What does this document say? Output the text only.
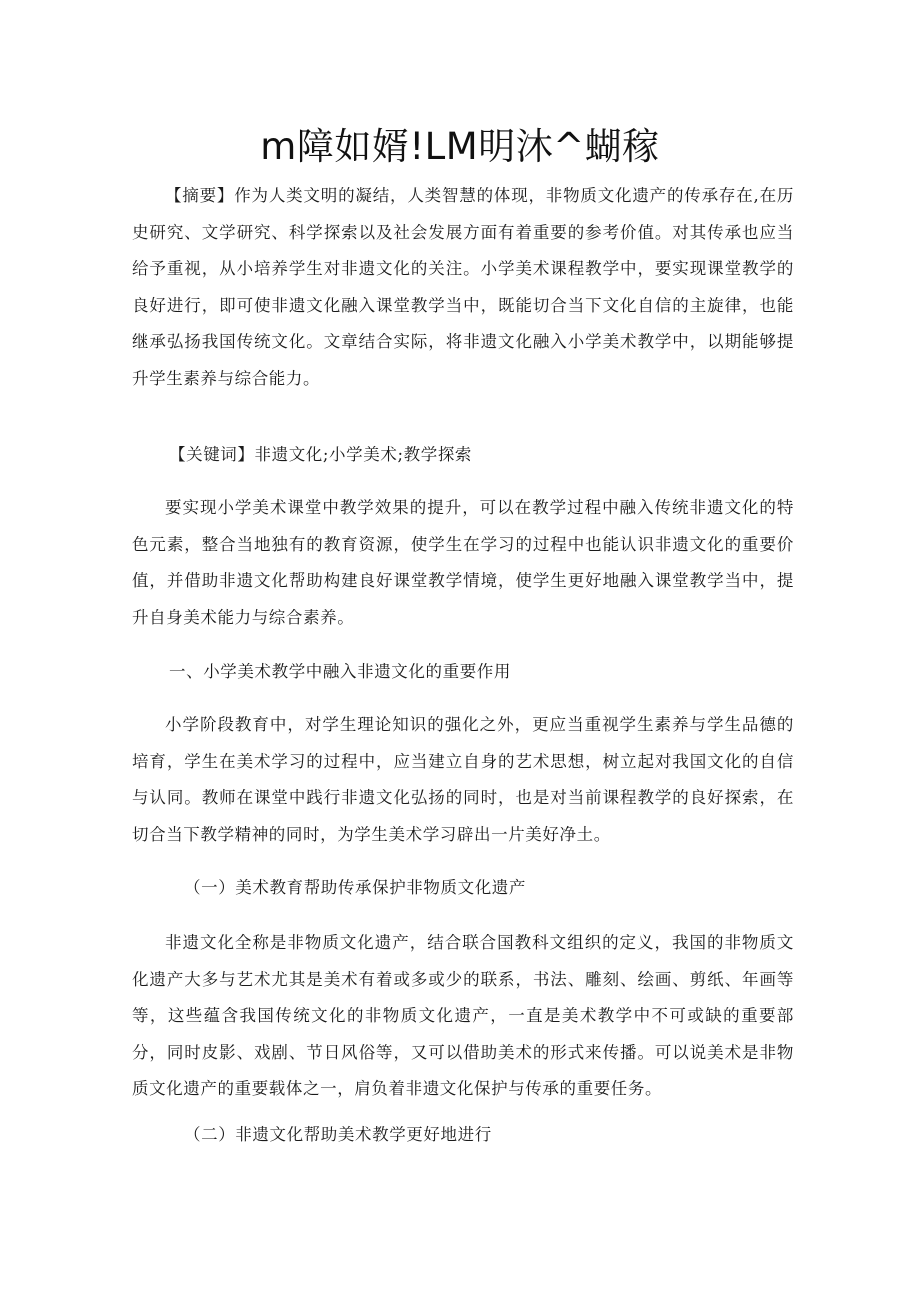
m障如婿!LM明沐^蝴稼

【摘要】作为人类文明的凝结，人类智慧的体现，非物质文化遗产的传承存在,在历史研究、文学研究、科学探索以及社会发展方面有着重要的参考价值。对其传承也应当给予重视，从小培养学生对非遗文化的关注。小学美术课程教学中，要实现课堂教学的良好进行，即可使非遗文化融入课堂教学当中，既能切合当下文化自信的主旋律，也能继承弘扬我国传统文化。文章结合实际，将非遗文化融入小学美术教学中，以期能够提升学生素养与综合能力。

【关键词】非遗文化;小学美术;教学探索

要实现小学美术课堂中教学效果的提升，可以在教学过程中融入传统非遗文化的特色元素，整合当地独有的教育资源，使学生在学习的过程中也能认识非遗文化的重要价值，并借助非遗文化帮助构建良好课堂教学情境，使学生更好地融入课堂教学当中，提升自身美术能力与综合素养。

一、小学美术教学中融入非遗文化的重要作用

小学阶段教育中，对学生理论知识的强化之外，更应当重视学生素养与学生品德的培育，学生在美术学习的过程中，应当建立自身的艺术思想，树立起对我国文化的自信与认同。教师在课堂中践行非遗文化弘扬的同时，也是对当前课程教学的良好探索，在切合当下教学精神的同时，为学生美术学习辟出一片美好净土。

（一）美术教育帮助传承保护非物质文化遗产

非遗文化全称是非物质文化遗产，结合联合国教科文组织的定义，我国的非物质文化遗产大多与艺术尤其是美术有着或多或少的联系，书法、雕刻、绘画、剪纸、年画等等，这些蕴含我国传统文化的非物质文化遗产，一直是美术教学中不可或缺的重要部分，同时皮影、戏剧、节日风俗等，又可以借助美术的形式来传播。可以说美术是非物质文化遗产的重要载体之一，肩负着非遗文化保护与传承的重要任务。

（二）非遗文化帮助美术教学更好地进行
